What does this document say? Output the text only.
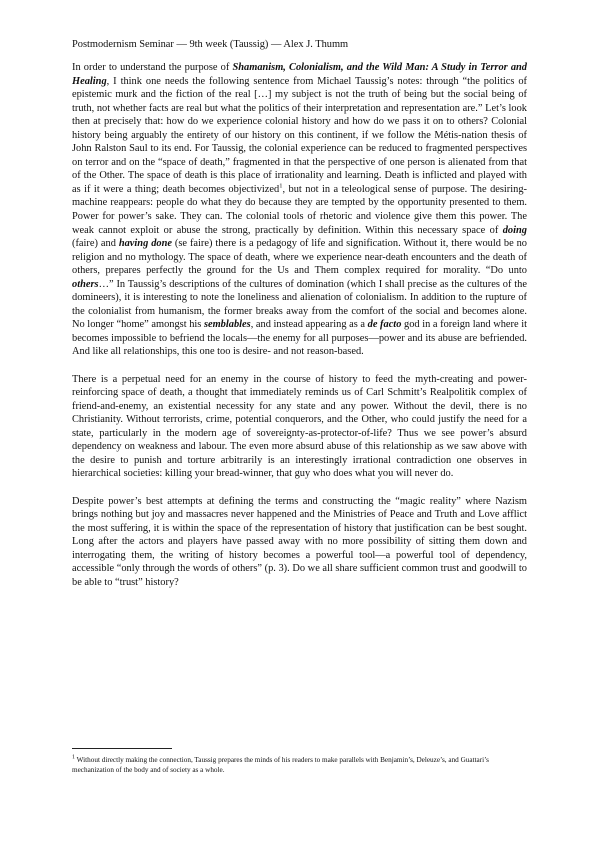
Postmodernism Seminar — 9th week (Taussig) — Alex J. Thumm

In order to understand the purpose of Shamanism, Colonialism, and the Wild Man: A Study in Terror and Healing, I think one needs the following sentence from Michael Taussig’s notes: through “the politics of epistemic murk and the fiction of the real […] my subject is not the truth of being but the social being of truth, not whether facts are real but what the politics of their interpretation and representation are.” Let’s look then at precisely that: how do we experience colonial history and how do we pass it on to others? Colonial history being arguably the entirety of our history on this continent, if we follow the Métis-nation thesis of John Ralston Saul to its end. For Taussig, the colonial experience can be reduced to fragmented perspectives on terror and on the “space of death,” fragmented in that the perspective of one person is alienated from that of the Other. The space of death is this place of irrationality and learning. Death is inflicted and played with as if it were a thing; death becomes objectivized$^1$, but not in a teleological sense of purpose. The desiring-machine reappears: people do what they do because they are tempted by the opportunity presented to them. Power for power’s sake. They can. The colonial tools of rhetoric and violence give them this power. The weak cannot exploit or abuse the strong, practically by definition. Within this necessary space of doing (faire) and having done (se faire) there is a pedagogy of life and signification. Without it, there would be no religion and no mythology. The space of death, where we experience near-death encounters and the death of others, prepares perfectly the ground for the Us and Them complex required for morality. “Do unto others…” In Taussig’s descriptions of the cultures of domination (which I shall precise as the cultures of the domineers), it is interesting to note the loneliness and alienation of colonialism. In addition to the rupture of the colonialist from humanism, the former breaks away from the comfort of the social and becomes alone. No longer “home” amongst his semblables, and instead appearing as a de facto god in a foreign land where it becomes impossible to befriend the locals—the enemy for all purposes—power and its abuse are befriended. And like all relationships, this one too is desire- and not reason-based.

There is a perpetual need for an enemy in the course of history to feed the myth-creating and power-reinforcing space of death, a thought that immediately reminds us of Carl Schmitt’s Realpolitik complex of friend-and-enemy, an existential necessity for any state and any power. Without the devil, there is no Christianity. Without terrorists, crime, potential conquerors, and the Other, who could justify the need for a state, particularly in the modern age of sovereignty-as-protector-of-life? Thus we see power’s absurd dependency on weakness and labour. The even more absurd abuse of this relationship as we saw above with the desire to punish and torture arbitrarily is an interestingly irrational contradiction one observes in hierarchical societies: killing your bread-winner, that guy who does what you will never do.

Despite power’s best attempts at defining the terms and constructing the “magic reality” where Nazism brings nothing but joy and massacres never happened and the Ministries of Peace and Truth and Love afflict the most suffering, it is within the space of the representation of history that justification can be best sought. Long after the actors and players have passed away with no more possibility of sitting them down and interrogating them, the writing of history becomes a powerful tool—a powerful tool of dependency, accessible “only through the words of others” (p. 3). Do we all share sufficient common trust and goodwill to be able to “trust” history?

$^1$ Without directly making the connection, Taussig prepares the minds of his readers to make parallels with Benjamin’s, Deleuze’s, and Guattari’s mechanization of the body and of society as a whole.
